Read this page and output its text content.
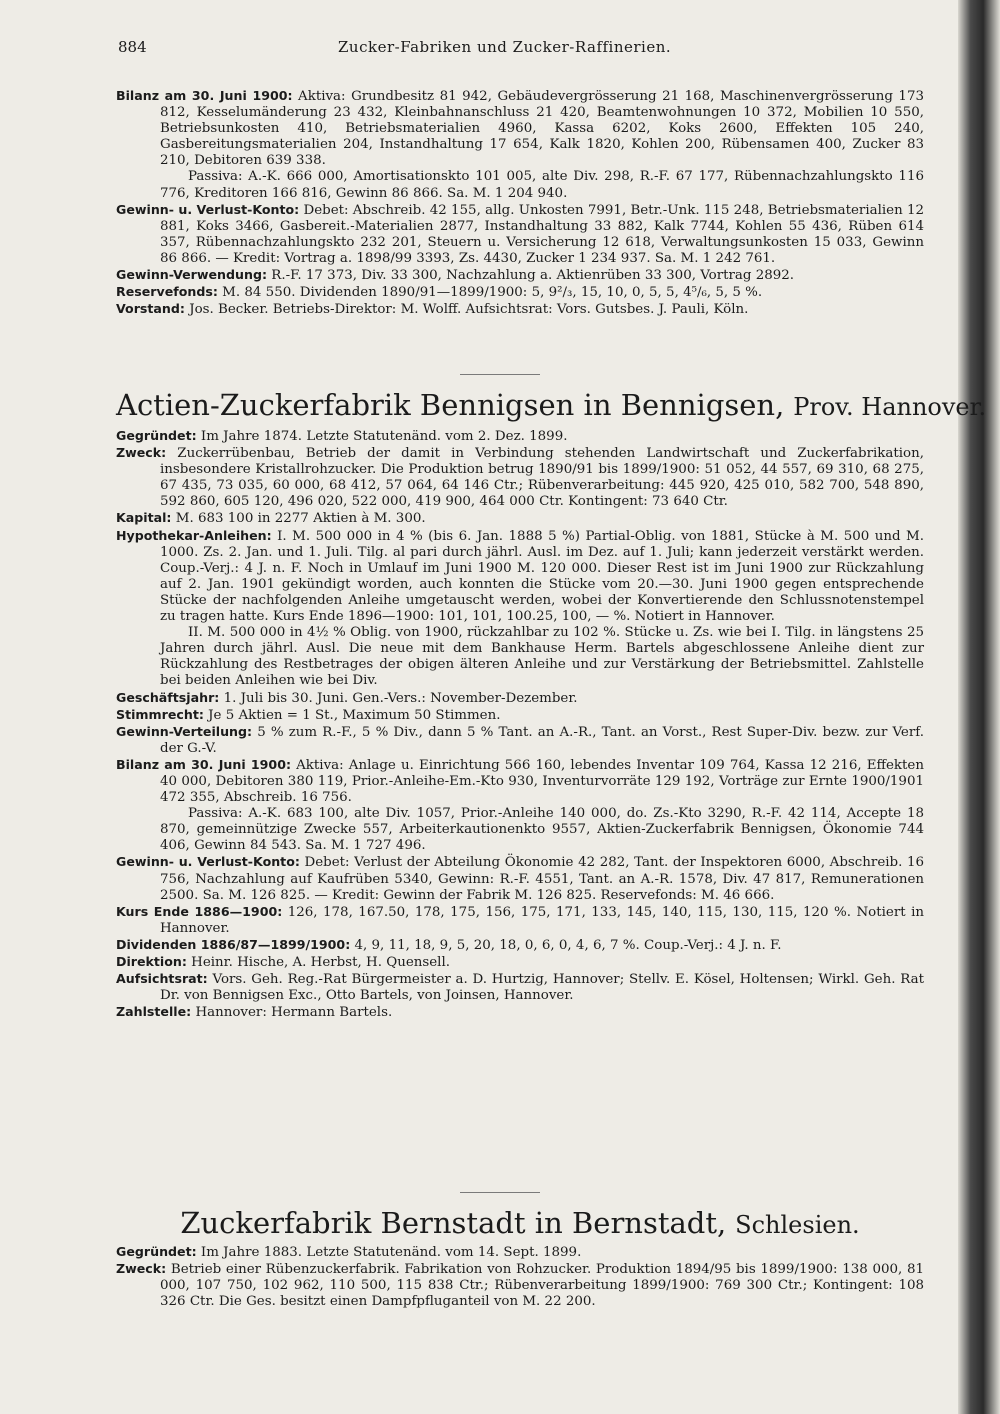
884	Zucker-Fabriken und Zucker-Raffinerien.

Bilanz am 30. Juni 1900: Aktiva: Grundbesitz 81 942, Gebäudevergrösserung 21 168, Maschinenvergrösserung 173 812, Kesselumänderung 23 432, Kleinbahnanschluss 21 420, Beamtenwohnungen 10 372, Mobilien 10 550, Betriebsunkosten 410, Betriebsmaterialien 4960, Kassa 6202, Koks 2600, Effekten 105 240, Gasbereitungsmaterialien 204, Instandhaltung 17 654, Kalk 1820, Kohlen 200, Rübensamen 400, Zucker 83 210, Debitoren 639 338.

Passiva: A.-K. 666 000, Amortisationskto 101 005, alte Div. 298, R.-F. 67 177, Rübennachzahlungskto 116 776, Kreditoren 166 816, Gewinn 86 866. Sa. M. 1 204 940.

Gewinn- u. Verlust-Konto: Debet: Abschreib. 42 155, allg. Unkosten 7991, Betr.-Unk. 115 248, Betriebsmaterialien 12 881, Koks 3466, Gasbereit.-Materialien 2877, Instandhaltung 33 882, Kalk 7744, Kohlen 55 436, Rüben 614 357, Rübennachzahlungskto 232 201, Steuern u. Versicherung 12 618, Verwaltungsunkosten 15 033, Gewinn 86 866. — Kredit: Vortrag a. 1898/99 3393, Zs. 4430, Zucker 1 234 937. Sa. M. 1 242 761.

Gewinn-Verwendung: R.-F. 17 373, Div. 33 300, Nachzahlung a. Aktienrüben 33 300, Vortrag 2892.

Reservefonds: M. 84 550. Dividenden 1890/91—1899/1900: 5, 9²/₃, 15, 10, 0, 5, 5, 4⁵/₆, 5, 5 %.

Vorstand: Jos. Becker. Betriebs-Direktor: M. Wolff. Aufsichtsrat: Vors. Gutsbes. J. Pauli, Köln.

Actien-Zuckerfabrik Bennigsen in Bennigsen, Prov. Hannover.

Gegründet: Im Jahre 1874. Letzte Statutenänd. vom 2. Dez. 1899.

Zweck: Zuckerrübenbau, Betrieb der damit in Verbindung stehenden Landwirtschaft und Zuckerfabrikation, insbesondere Kristallrohzucker. Die Produktion betrug 1890/91 bis 1899/1900: 51 052, 44 557, 69 310, 68 275, 67 435, 73 035, 60 000, 68 412, 57 064, 64 146 Ctr.; Rübenverarbeitung: 445 920, 425 010, 582 700, 548 890, 592 860, 605 120, 496 020, 522 000, 419 900, 464 000 Ctr. Kontingent: 73 640 Ctr.

Kapital: M. 683 100 in 2277 Aktien à M. 300.

Hypothekar-Anleihen: I. M. 500 000 in 4 % (bis 6. Jan. 1888 5 %) Partial-Oblig. von 1881, Stücke à M. 500 und M. 1000. Zs. 2. Jan. und 1. Juli. Tilg. al pari durch jährl. Ausl. im Dez. auf 1. Juli; kann jederzeit verstärkt werden. Coup.-Verj.: 4 J. n. F. Noch in Umlauf im Juni 1900 M. 120 000. Dieser Rest ist im Juni 1900 zur Rückzahlung auf 2. Jan. 1901 gekündigt worden, auch konnten die Stücke vom 20.—30. Juni 1900 gegen entsprechende Stücke der nachfolgenden Anleihe umgetauscht werden, wobei der Konvertierende den Schlussnotenstempel zu tragen hatte. Kurs Ende 1896—1900: 101, 101, 100.25, 100, — %. Notiert in Hannover.

II. M. 500 000 in 4½ % Oblig. von 1900, rückzahlbar zu 102 %. Stücke u. Zs. wie bei I. Tilg. in längstens 25 Jahren durch jährl. Ausl. Die neue mit dem Bankhause Herm. Bartels abgeschlossene Anleihe dient zur Rückzahlung des Restbetrages der obigen älteren Anleihe und zur Verstärkung der Betriebsmittel. Zahlstelle bei beiden Anleihen wie bei Div.

Geschäftsjahr: 1. Juli bis 30. Juni. Gen.-Vers.: November-Dezember.

Stimmrecht: Je 5 Aktien = 1 St., Maximum 50 Stimmen.

Gewinn-Verteilung: 5 % zum R.-F., 5 % Div., dann 5 % Tant. an A.-R., Tant. an Vorst., Rest Super-Div. bezw. zur Verf. der G.-V.

Bilanz am 30. Juni 1900: Aktiva: Anlage u. Einrichtung 566 160, lebendes Inventar 109 764, Kassa 12 216, Effekten 40 000, Debitoren 380 119, Prior.-Anleihe-Em.-Kto 930, Inventurvorräte 129 192, Vorträge zur Ernte 1900/1901 472 355, Abschreib. 16 756.

Passiva: A.-K. 683 100, alte Div. 1057, Prior.-Anleihe 140 000, do. Zs.-Kto 3290, R.-F. 42 114, Accepte 18 870, gemeinnützige Zwecke 557, Arbeiterkautionenkto 9557, Aktien-Zuckerfabrik Bennigsen, Ökonomie 744 406, Gewinn 84 543. Sa. M. 1 727 496.

Gewinn- u. Verlust-Konto: Debet: Verlust der Abteilung Ökonomie 42 282, Tant. der Inspektoren 6000, Abschreib. 16 756, Nachzahlung auf Kaufrüben 5340, Gewinn: R.-F. 4551, Tant. an A.-R. 1578, Div. 47 817, Remunerationen 2500. Sa. M. 126 825. — Kredit: Gewinn der Fabrik M. 126 825. Reservefonds: M. 46 666.

Kurs Ende 1886—1900: 126, 178, 167.50, 178, 175, 156, 175, 171, 133, 145, 140, 115, 130, 115, 120 %. Notiert in Hannover.

Dividenden 1886/87—1899/1900: 4, 9, 11, 18, 9, 5, 20, 18, 0, 6, 0, 4, 6, 7 %. Coup.-Verj.: 4 J. n. F.

Direktion: Heinr. Hische, A. Herbst, H. Quensell.

Aufsichtsrat: Vors. Geh. Reg.-Rat Bürgermeister a. D. Hurtzig, Hannover; Stellv. E. Kösel, Holtensen; Wirkl. Geh. Rat Dr. von Bennigsen Exc., Otto Bartels, von Joinsen, Hannover.

Zahlstelle: Hannover: Hermann Bartels.

Zuckerfabrik Bernstadt in Bernstadt, Schlesien.

Gegründet: Im Jahre 1883. Letzte Statutenänd. vom 14. Sept. 1899.

Zweck: Betrieb einer Rübenzuckerfabrik. Fabrikation von Rohzucker. Produktion 1894/95 bis 1899/1900: 138 000, 81 000, 107 750, 102 962, 110 500, 115 838 Ctr.; Rübenverarbeitung 1899/1900: 769 300 Ctr.; Kontingent: 108 326 Ctr. Die Ges. besitzt einen Dampfpfluganteil von M. 22 200.
